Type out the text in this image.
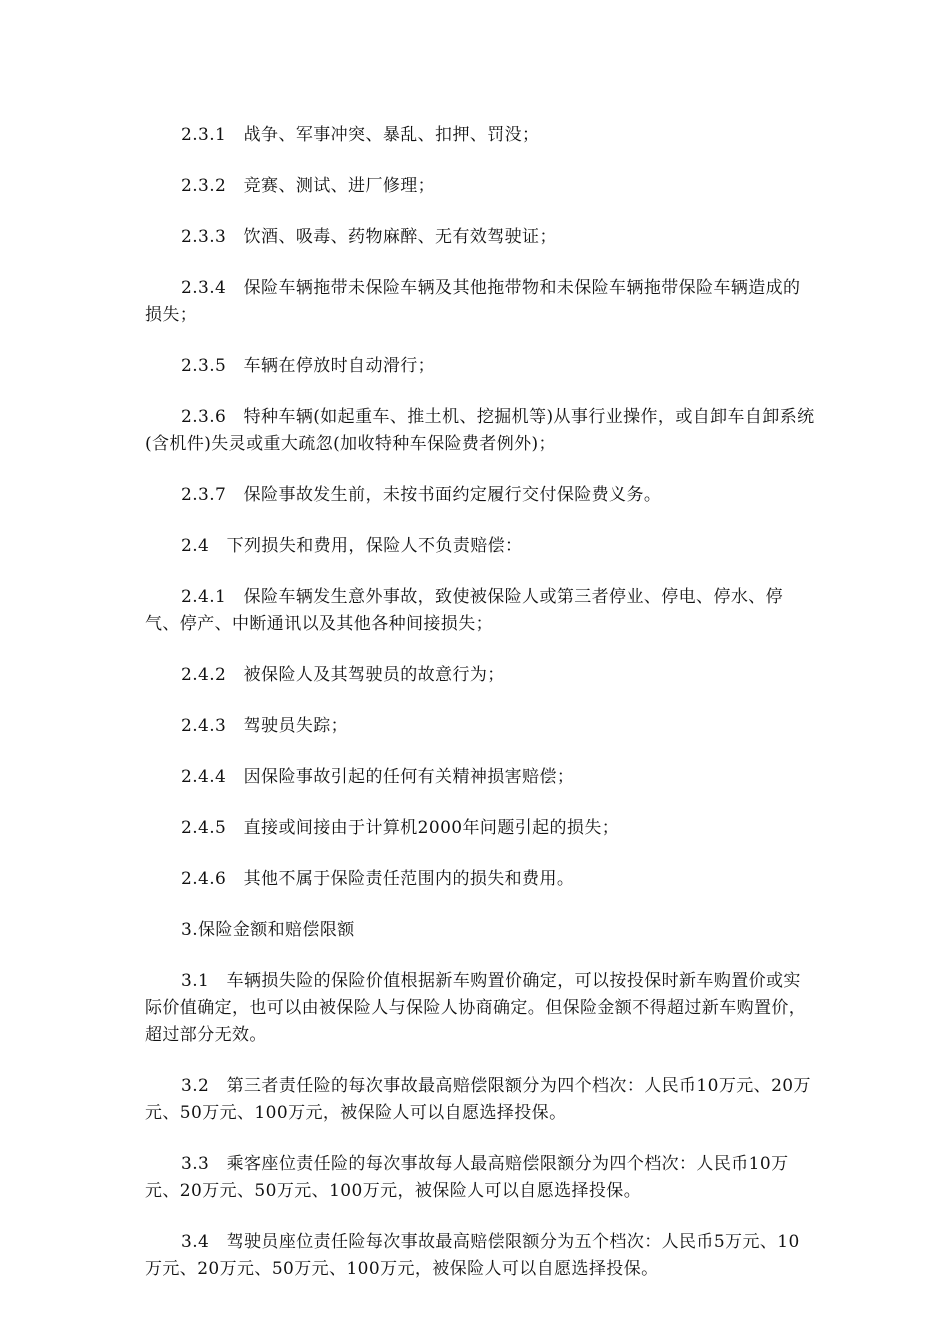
2.3.1　战争、军事冲突、暴乱、扣押、罚没；

2.3.2　竞赛、测试、进厂修理；

2.3.3　饮酒、吸毒、药物麻醉、无有效驾驶证；

2.3.4　保险车辆拖带未保险车辆及其他拖带物和未保险车辆拖带保险车辆造成的损失；

2.3.5　车辆在停放时自动滑行；

2.3.6　特种车辆(如起重车、推土机、挖掘机等)从事行业操作，或自卸车自卸系统(含机件)失灵或重大疏忽(加收特种车保险费者例外)；

2.3.7　保险事故发生前，未按书面约定履行交付保险费义务。

2.4　下列损失和费用，保险人不负责赔偿：

2.4.1　保险车辆发生意外事故，致使被保险人或第三者停业、停电、停水、停气、停产、中断通讯以及其他各种间接损失；

2.4.2　被保险人及其驾驶员的故意行为；

2.4.3　驾驶员失踪；

2.4.4　因保险事故引起的任何有关精神损害赔偿；

2.4.5　直接或间接由于计算机2000年问题引起的损失；

2.4.6　其他不属于保险责任范围内的损失和费用。

3.保险金额和赔偿限额

3.1　车辆损失险的保险价值根据新车购置价确定，可以按投保时新车购置价或实际价值确定，也可以由被保险人与保险人协商确定。但保险金额不得超过新车购置价，超过部分无效。

3.2　第三者责任险的每次事故最高赔偿限额分为四个档次：人民币10万元、20万元、50万元、100万元，被保险人可以自愿选择投保。

3.3　乘客座位责任险的每次事故每人最高赔偿限额分为四个档次：人民币10万元、20万元、50万元、100万元，被保险人可以自愿选择投保。

3.4　驾驶员座位责任险每次事故最高赔偿限额分为五个档次：人民币5万元、10万元、20万元、50万元、100万元，被保险人可以自愿选择投保。
